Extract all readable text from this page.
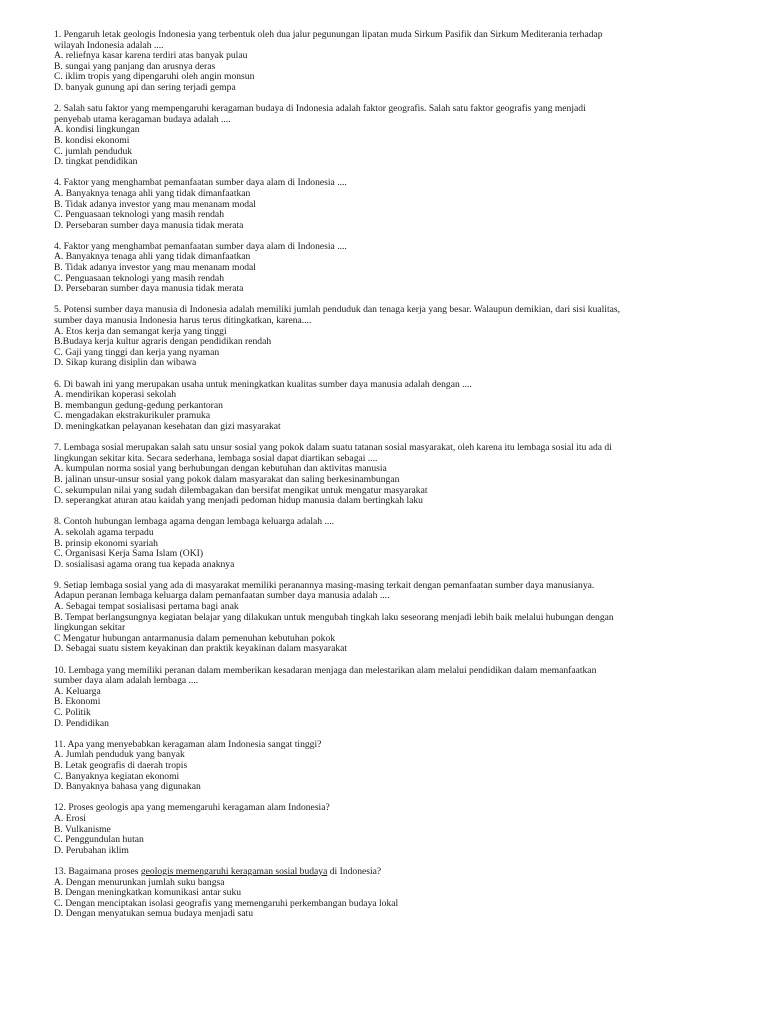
1. Pengaruh letak geologis Indonesia yang terbentuk oleh dua jalur pegunungan lipatan muda Sirkum Pasifik dan Sirkum Mediterania terhadap
wilayah Indonesia adalah ....
A. reliefnya kasar karena terdiri atas banyak pulau
B. sungai yang panjang dan arusnya deras
C. iklim tropis yang dipengaruhi oleh angin monsun
D. banyak gunung api dan sering terjadi gempa
2. Salah satu faktor yang mempengaruhi keragaman budaya di Indonesia adalah faktor geografis. Salah satu faktor geografis yang menjadi
penyebab utama keragaman budaya adalah ....
A. kondisi lingkungan
B. kondisi ekonomi
C. jumlah penduduk
D. tingkat pendidikan
4. Faktor yang menghambat pemanfaatan sumber daya alam di Indonesia ....
A. Banyaknya tenaga ahli yang tidak dimanfaatkan
B. Tidak adanya investor yang mau menanam modal
C. Penguasaan teknologi yang masih rendah
D. Persebaran sumber daya manusia tidak merata
4. Faktor yang menghambat pemanfaatan sumber daya alam di Indonesia ....
A. Banyaknya tenaga ahli yang tidak dimanfaatkan
B. Tidak adanya investor yang mau menanam modal
C. Penguasaan teknologi yang masih rendah
D. Persebaran sumber daya manusia tidak merata
5. Potensi sumber daya manusia di Indonesia adalah memiliki jumlah penduduk dan tenaga kerja yang besar. Walaupun demikian, dari sisi kualitas,
sumber daya manusia Indonesia harus terus ditingkatkan, karena....
A. Etos kerja dan semangat kerja yang tinggi
B.Budaya kerja kultur agraris dengan pendidikan rendah
C. Gaji yang tinggi dan kerja yang nyaman
D. Sikap kurang disiplin dan wibawa
6. Di bawah ini yang merupakan usaha untuk meningkatkan kualitas sumber daya manusia adalah dengan ....
A. mendirikan koperasi sekolah
B. membangun gedung-gedung perkantoran
C. mengadakan ekstrakurikuler pramuka
D. meningkatkan pelayanan kesehatan dan gizi masyarakat
7. Lembaga sosial merupakan salah satu unsur sosial yang pokok dalam suatu tatanan sosial masyarakat, oleh karena itu lembaga sosial itu ada di
lingkungan sekitar kita. Secara sederhana, lembaga sosial dapat diartikan sebagai ....
A. kumpulan norma sosial yang berhubungan dengan kebutuhan dan aktivitas manusia
B. jalinan unsur-unsur sosial yang pokok dalam masyarakat dan saling berkesinambungan
C. sekumpulan nilai yang sudah dilembagakan dan bersifat mengikat untuk mengatur masyarakat
D. seperangkat aturan atau kaidah yang menjadi pedoman hidup manusia dalam bertingkah laku
8. Contoh hubungan lembaga agama dengan lembaga keluarga adalah ....
A. sekolah agama terpadu
B. prinsip ekonomi syariah
C. Organisasi Kerja Sama Islam (OKI)
D. sosialisasi agama orang tua kepada anaknya
9. Setiap lembaga sosial yang ada di masyarakat memiliki peranannya masing-masing terkait dengan pemanfaatan sumber daya manusianya.
Adapun peranan lembaga keluarga dalam pemanfaatan sumber daya manusia adalah ....
A. Sebagai tempat sosialisasi pertama bagi anak
B. Tempat berlangsungnya kegiatan belajar yang dilakukan untuk mengubah tingkah laku seseorang menjadi lebih baik melalui hubungan dengan
lingkungan sekitar
C Mengatur hubungan antarmanusia dalam pemenuhan kebutuhan pokok
D. Sebagai suatu sistem keyakinan dan praktik keyakinan dalam masyarakat
10. Lembaga yang memiliki peranan dalam memberikan kesadaran menjaga dan melestarikan alam melalui pendidikan dalam memanfaatkan
sumber daya alam adalah lembaga ....
A. Keluarga
B. Ekonomi
C. Politik
D. Pendidikan
11. Apa yang menyebabkan keragaman alam Indonesia sangat tinggi?
A. Jumlah penduduk yang banyak
B. Letak geografis di daerah tropis
C. Banyaknya kegiatan ekonomi
D. Banyaknya bahasa yang digunakan
12. Proses geologis apa yang memengaruhi keragaman alam Indonesia?
A. Erosi
B. Vulkanisme
C. Penggundulan hutan
D. Perubahan iklim
13. Bagaimana proses geologis memengaruhi keragaman sosial budaya di Indonesia?
A. Dengan menurunkan jumlah suku bangsa
B. Dengan meningkatkan komunikasi antar suku
C. Dengan menciptakan isolasi geografis yang memengaruhi perkembangan budaya lokal
D. Dengan menyatukan semua budaya menjadi satu
